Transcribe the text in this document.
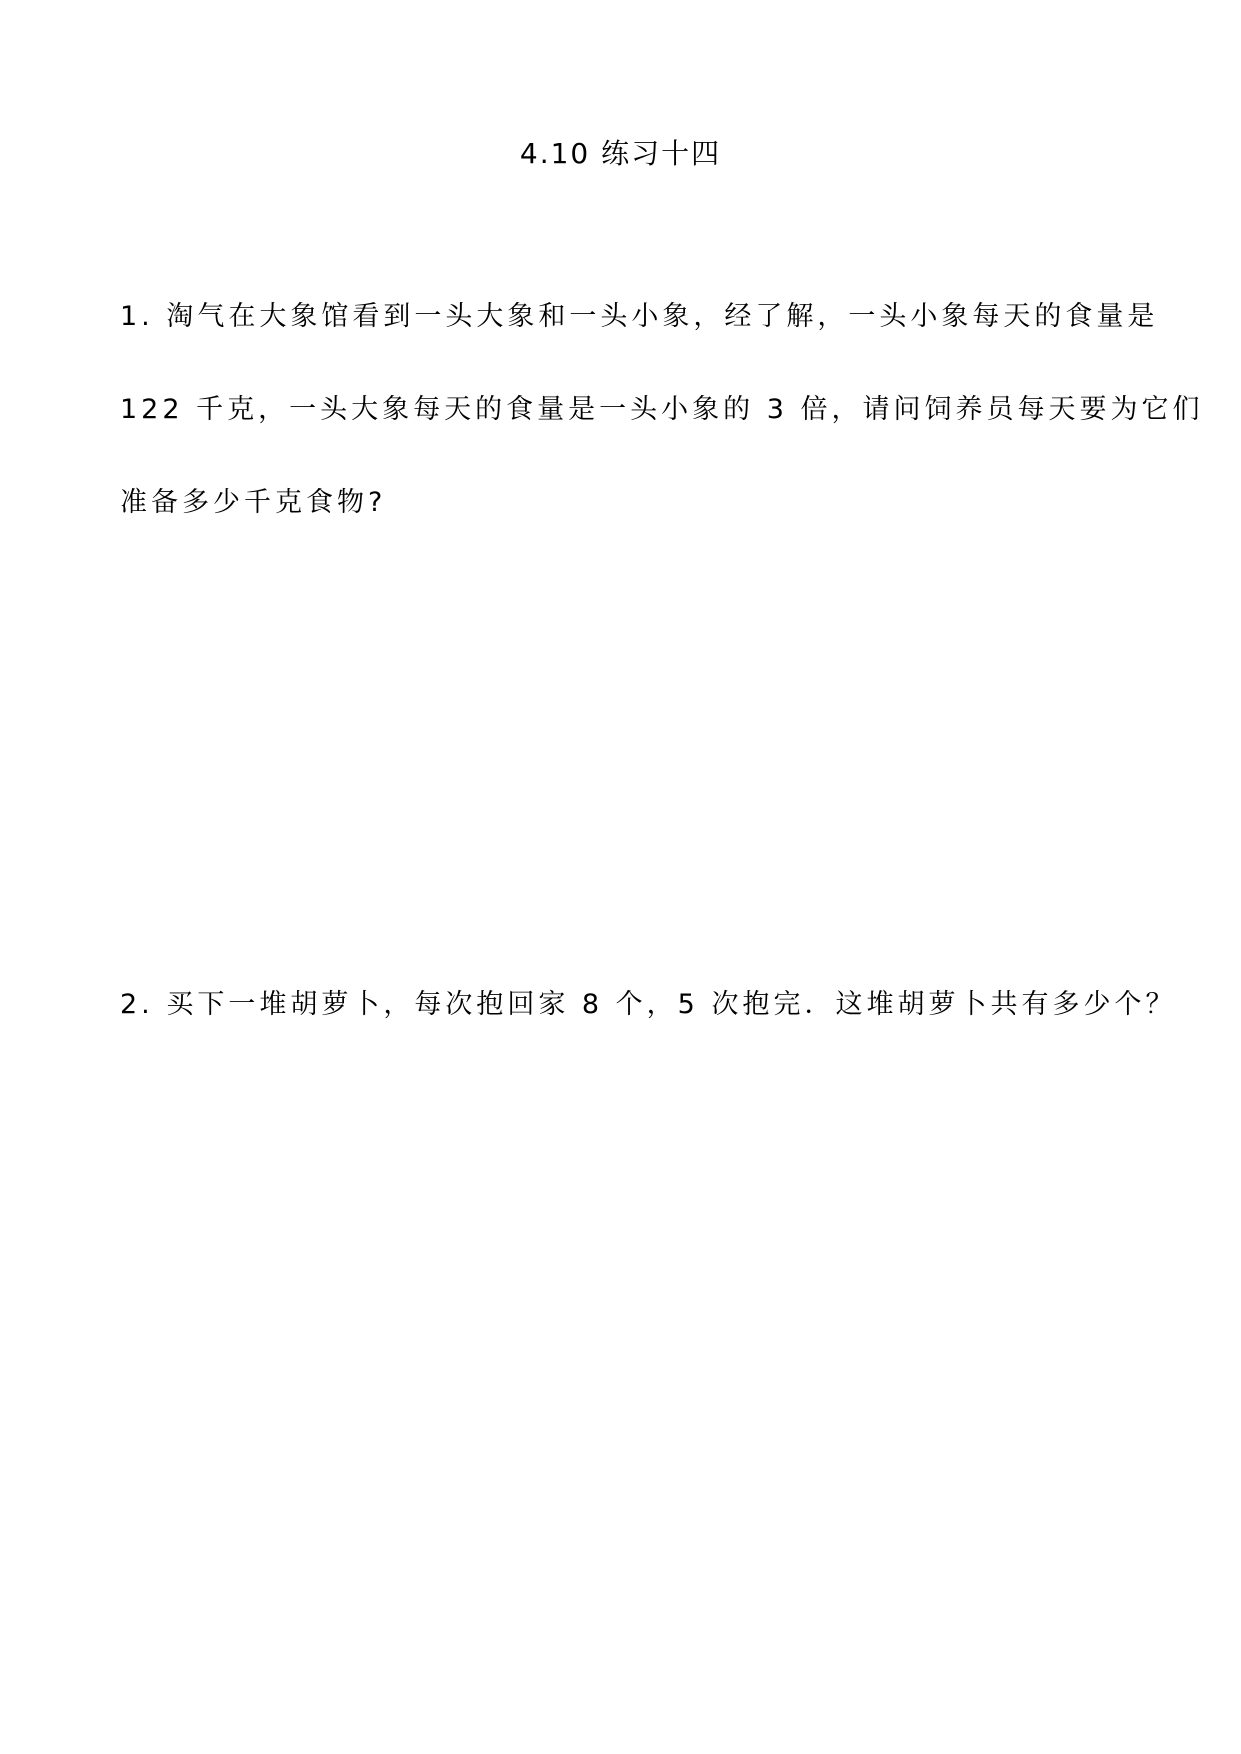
4.10 练习十四
1. 淘气在大象馆看到一头大象和一头小象，经了解，一头小象每天的食量是
122 千克，一头大象每天的食量是一头小象的 3 倍，请问饲养员每天要为它们
准备多少千克食物?
2. 买下一堆胡萝卜，每次抱回家 8 个，5 次抱完．这堆胡萝卜共有多少个？
